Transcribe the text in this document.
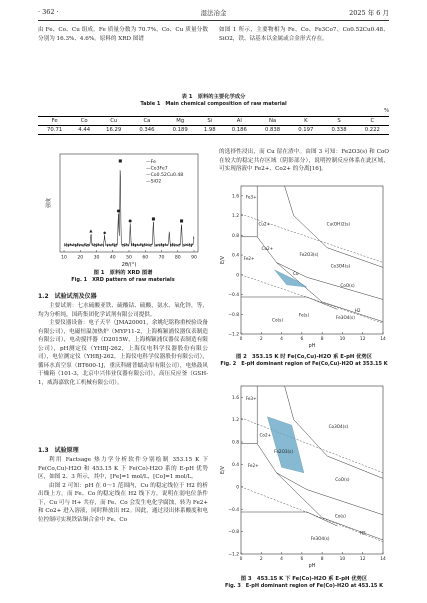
· 362 ·	湿法冶金	2025 年 6 月

由 Fe、Co、Cu 组成，Fe 质量分数为 70.7%，Co、Cu 质量分数分别为 16.3%、4.6%。原料的 XRD 图谱

如图 1 所示，主要物相为 Fe、Co、Fe3Co7、Co0.52Cu0.48、SiO2，铁、钴基本以金属或合金形式存在。

表 1　原料的主要化学成分
Table 1　Main chemical composition of raw material
%
Fe	Co	Cu	Ca	Mg	Si	Al	Na	K	S	C
70.71	4.44	16.29	0.346	0.189	1.98	0.186	0.838	0.197	0.338	0.222
强度
2θ/(°)
10 20 30 40 50 60 70 80 90
▲	◆
●
■
●	■	■
—Fe
—Co3Fe7
—Co0.52Cu0.48
—SiO2
图 1　原料的 XRD 图谱
Fig. 1　XRD pattern of raw materials
1.2　试验试剂及仪器

主要试剂：七水硫酸亚铁、硫酸钴、硫酸，氨水、氧化锌，等，均为分析纯，国药集团化学试剂有限公司提供。

主要仪器设备：电子天平（JMA20001，余姚纪铭称重校验设备有限公司），电磁恒温加热炉（MYP11-2，上海梅颖浦仪器仪表制造有限公司），电动搅拌器（D2015W，上海梅颖浦仪器仪表制造有限公司），pH测定仪（YHBJ-262，上海仪电科学仪器股份有限公司），电位测定仪（YHBJ-262，上海仪电科学仪器股份有限公司），循环水真空泵（BT600-1J，重庆科耐普蠕动泵有限公司），电热鼓风干燥箱（101-3，北京中兴伟业仪器有限公司），高压反应釜（GSH-1，威海嘉软化工机械有限公司）。

1.3　试验原理

利用 Factsage 热力学分析软件分别绘制 353.15 K 下 Fe(Co,Cu)-H2O 和 453.15 K 下 Fe(Co)-H2O 系的 E-pH 优势区，如图 2、3 所示，其中，[Fe]=1 mol/L，[Co]=1 mol/L。

由图 2 可知：pH 在 0～1 范围内，Cu 的稳定线位于 H2 的析出线上方，而 Fe、Co 的稳定线在 H2 线下方，说明在弱电位条件下，Cu 可与 H+ 共存，而 Fe、Co 会发生电化学腐蚀，转为 Fe2+ 和 Co2+ 进入溶液，同时释放出 H2。因此，通过浸出体系酸度和电位控制可实现铁钴铜合金中 Fe、Co

的选择性浸出，而 Cu 留在渣中。由图 3 可知：Fe2O3(s) 和 CoO 在较大的稳定共存区域（阴影部分），说明控制反应体系在此区域，可实现溶液中 Fe2+、Co2+ 的分离[16]。

1.6
1.2
0.8
0.4
0
−0.4
−0.8
−1.2
0	2	4	6	8	10	12	14
E/V
pH
Fe3+
Cu2+
Co2+
Fe2+
Cu(OH)2(s)
Fe2O3(s)
Cu
Co3O4(s)
CoO(s)
Co(s)
Fe(s)	Fe3O4(s)
H2
图 2　353.15 K 时 Fe(Co,Cu)-H2O 系 E-pH 优势区
Fig. 2　E-pH dominant region of Fe(Co,Cu)-H2O at 353.15 K
1.6
1.2
0.8
0.4
0
−0.4
−0.8
−1.2
0	2	4	6	8	10	12	14
E/V
pH
Fe3+
Co2+
Fe2+
Co3O4(s)
Fe2O3(s)
CoO(s)
Co(s)
Fe3O4(s)
H2
图 3　453.15 K 下 Fe(Co)-H2O 系 E-pH 优势区
Fig. 3　E-pH dominant region of Fe(Co)-H2O at 453.15 K
